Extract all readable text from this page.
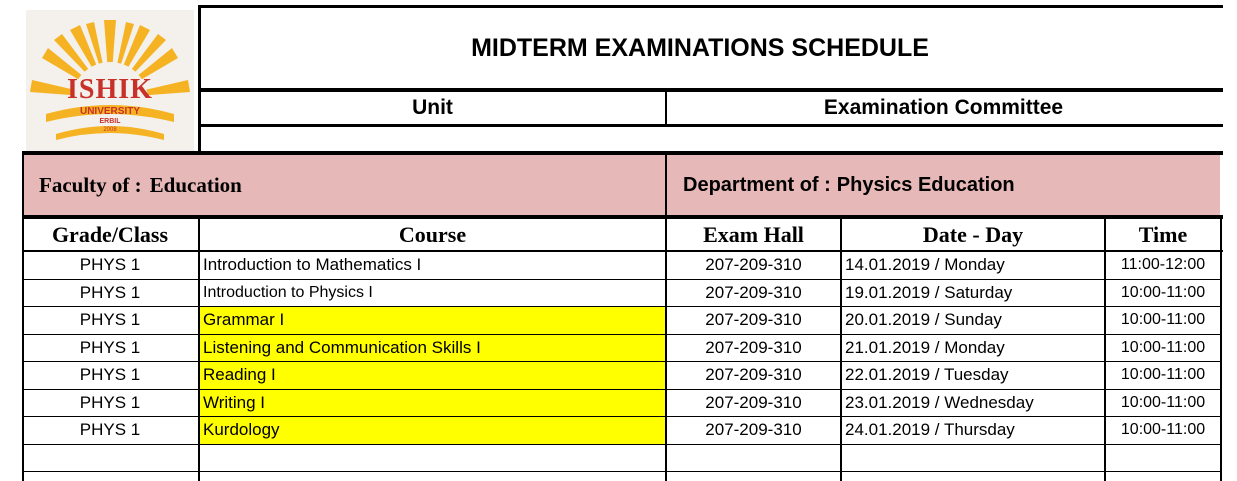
ISHIK
UNIVERSITY
ERBIL
2008
MIDTERM EXAMINATIONS SCHEDULE
Unit	Examination Committee
Faculty of : Education	Department of : Physics Education
Grade/Class	Course	Exam Hall	Date - Day	Time
PHYS 1	Introduction to Mathematics I	207-209-310	14.01.2019 / Monday	11:00-12:00
PHYS 1	Introduction to Physics I	207-209-310	19.01.2019 / Saturday	10:00-11:00
PHYS 1	Grammar I	207-209-310	20.01.2019 / Sunday	10:00-11:00
PHYS 1	Listening and Communication Skills I	207-209-310	21.01.2019 / Monday	10:00-11:00
PHYS 1	Reading I	207-209-310	22.01.2019 / Tuesday	10:00-11:00
PHYS 1	Writing I	207-209-310	23.01.2019 / Wednesday	10:00-11:00
PHYS 1	Kurdology	207-209-310	24.01.2019 / Thursday	10:00-11:00
